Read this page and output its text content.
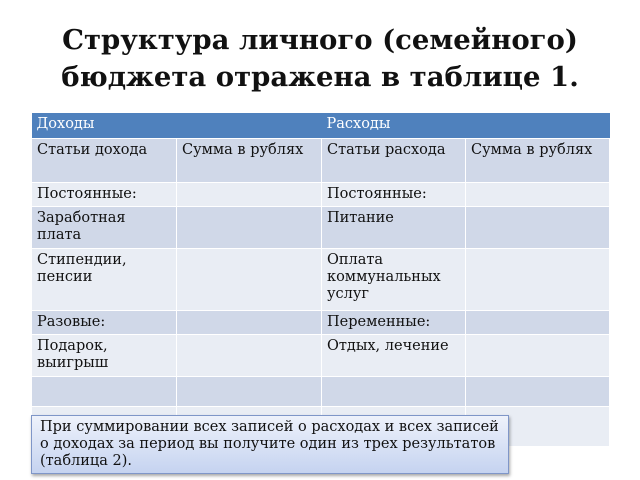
Структура личного (семейного)
бюджета отражена в таблице 1.
Доходы		Расходы	
Статьи дохода	Сумма в рублях	Статьи расхода	Сумма в рублях
Постоянные:		Постоянные:	
Заработная плата		Питание	
Стипендии, пенсии		Оплата коммунальных услуг	
Разовые:		Переменные:	
Подарок, выигрыш		Отдых, лечение	

При суммировании всех записей о расходах и всех записей о доходах за период вы получите один из трех результатов (таблица 2).
